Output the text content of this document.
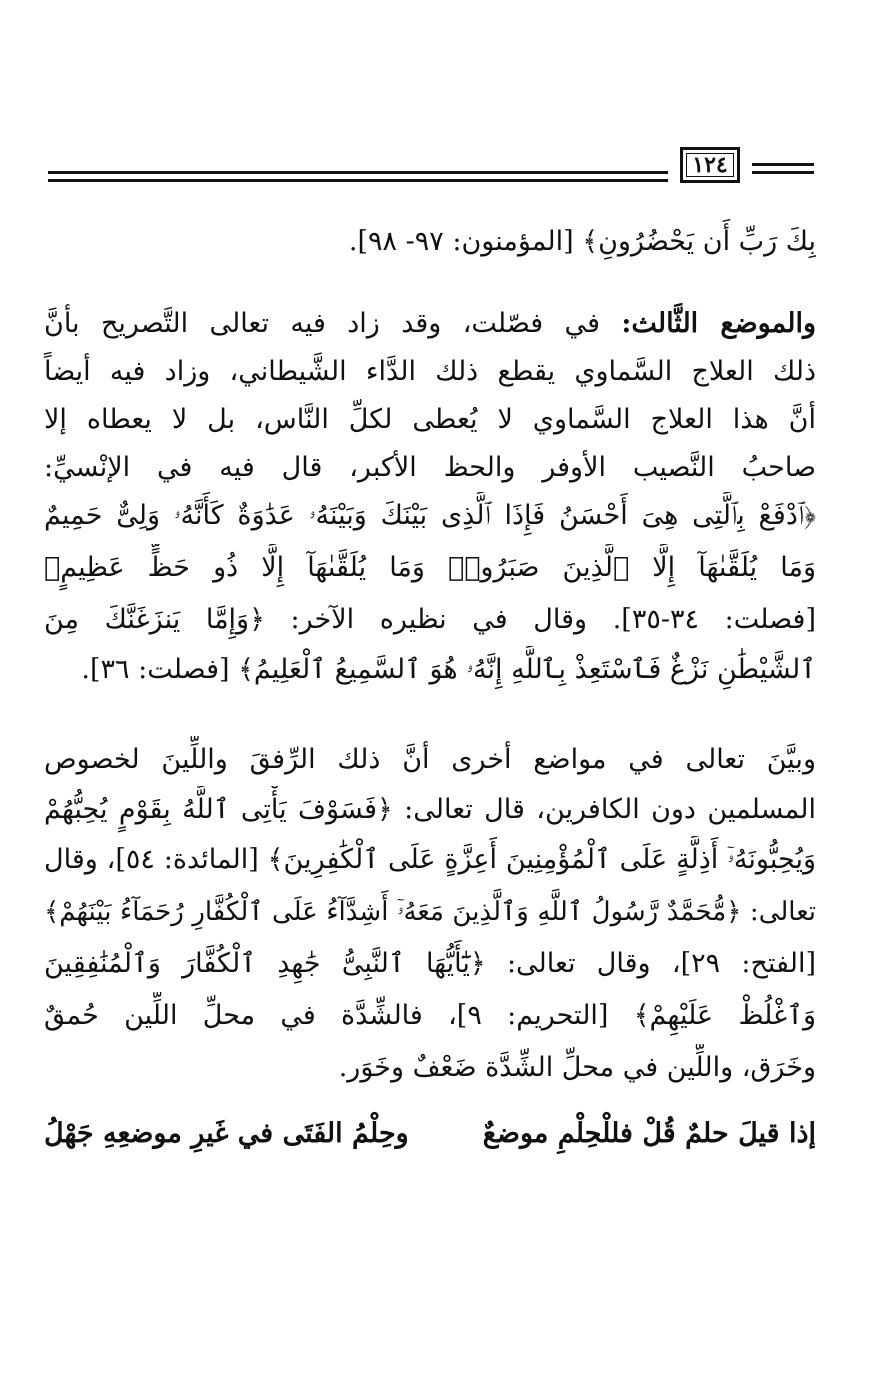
١٢٤
بِكَ رَبِّ أَن يَحْضُرُونِ﴾ [المؤمنون: ٩٧- ٩٨].
والموضع الثَّالث: في فصّلت، وقد زاد فيه تعالى التَّصريح بأنَّ
ذلك العلاج السَّماوي يقطع ذلك الدَّاء الشَّيطاني، وزاد فيه أيضاً
أنَّ هذا العلاج السَّماوي لا يُعطى لكلِّ النَّاس، بل لا يعطاه إلا
صاحبُ النَّصيب الأوفر والحظ الأكبر، قال فيه في الإنْسيِّ:
﴿ٱدْفَعْ بِٱلَّتِى هِىَ أَحْسَنُ فَإِذَا ٱلَّذِى بَيْنَكَ وَبَيْنَهُۥ عَدَٰوَةٌ كَأَنَّهُۥ وَلِىٌّ حَمِيمٌ
وَمَا يُلَقَّىٰهَآ إِلَّا ٱلَّذِينَ صَبَرُوا۟ وَمَا يُلَقَّىٰهَآ إِلَّا ذُو حَظٍّ عَظِيمٍ﴾
[فصلت: ٣٤-٣٥]. وقال في نظيره الآخر: ﴿وَإِمَّا يَنزَغَنَّكَ مِنَ
ٱلشَّيْطَٰنِ نَزْغٌ فَٱسْتَعِذْ بِٱللَّهِ إِنَّهُۥ هُوَ ٱلسَّمِيعُ ٱلْعَلِيمُ﴾ [فصلت: ٣٦].
وبيَّنَ تعالى في مواضع أخرى أنَّ ذلك الرِّفقَ واللِّينَ لخصوص
المسلمين دون الكافرين، قال تعالى: ﴿فَسَوْفَ يَأْتِى ٱللَّهُ بِقَوْمٍ يُحِبُّهُمْ
وَيُحِبُّونَهُۥٓ أَذِلَّةٍ عَلَى ٱلْمُؤْمِنِينَ أَعِزَّةٍ عَلَى ٱلْكَٰفِرِينَ﴾ [المائدة: ٥٤]، وقال
تعالى: ﴿مُّحَمَّدٌ رَّسُولُ ٱللَّهِ وَٱلَّذِينَ مَعَهُۥٓ أَشِدَّآءُ عَلَى ٱلْكُفَّارِ رُحَمَآءُ بَيْنَهُمْ﴾
[الفتح: ٢٩]، وقال تعالى: ﴿يَٰٓأَيُّهَا ٱلنَّبِىُّ جَٰهِدِ ٱلْكُفَّارَ وَٱلْمُنَٰفِقِينَ
وَٱغْلُظْ عَلَيْهِمْ﴾ [التحريم: ٩]، فالشِّدَّة في محلِّ اللِّين حُمقٌ
وخَرَق، واللِّين في محلِّ الشِّدَّة ضَعْفٌ وخَوَر.
إذا قيلَ حلمٌ قُلْ فللْحِلْمِ موضعٌ
وحِلْمُ الفَتَى في غَيرِ موضعِهِ جَهْلُ
